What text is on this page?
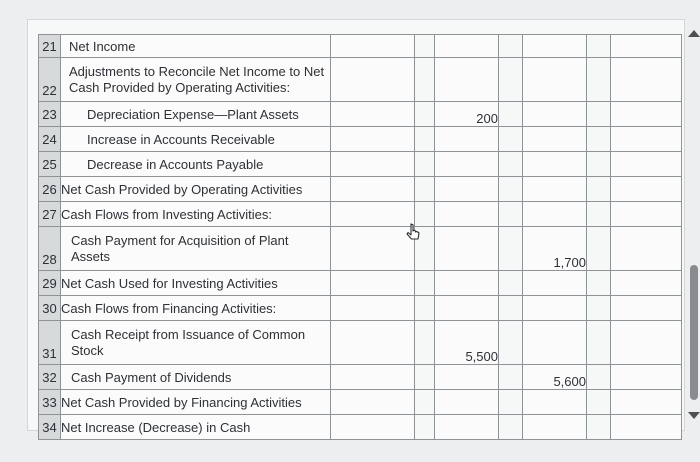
21	Net Income							

22	Adjustments to Reconcile Net Income to Net
Cash Provided by Operating Activities:							

23	Depreciation Expense—Plant Assets			200				
24	Increase in Accounts Receivable							

25	Decrease in Accounts Payable							

26	Net Cash Provided by Operating Activities							

27	Cash Flows from Investing Activities:							

28	Cash Payment for Acquisition of Plant
Assets					1,700		
29	Net Cash Used for Investing Activities							

30	Cash Flows from Financing Activities:							

31	Cash Receipt from Issuance of Common
Stock			5,500				
32	Cash Payment of Dividends					5,600		
33	Net Cash Provided by Financing Activities							

34	Net Increase (Decrease) in Cash							
